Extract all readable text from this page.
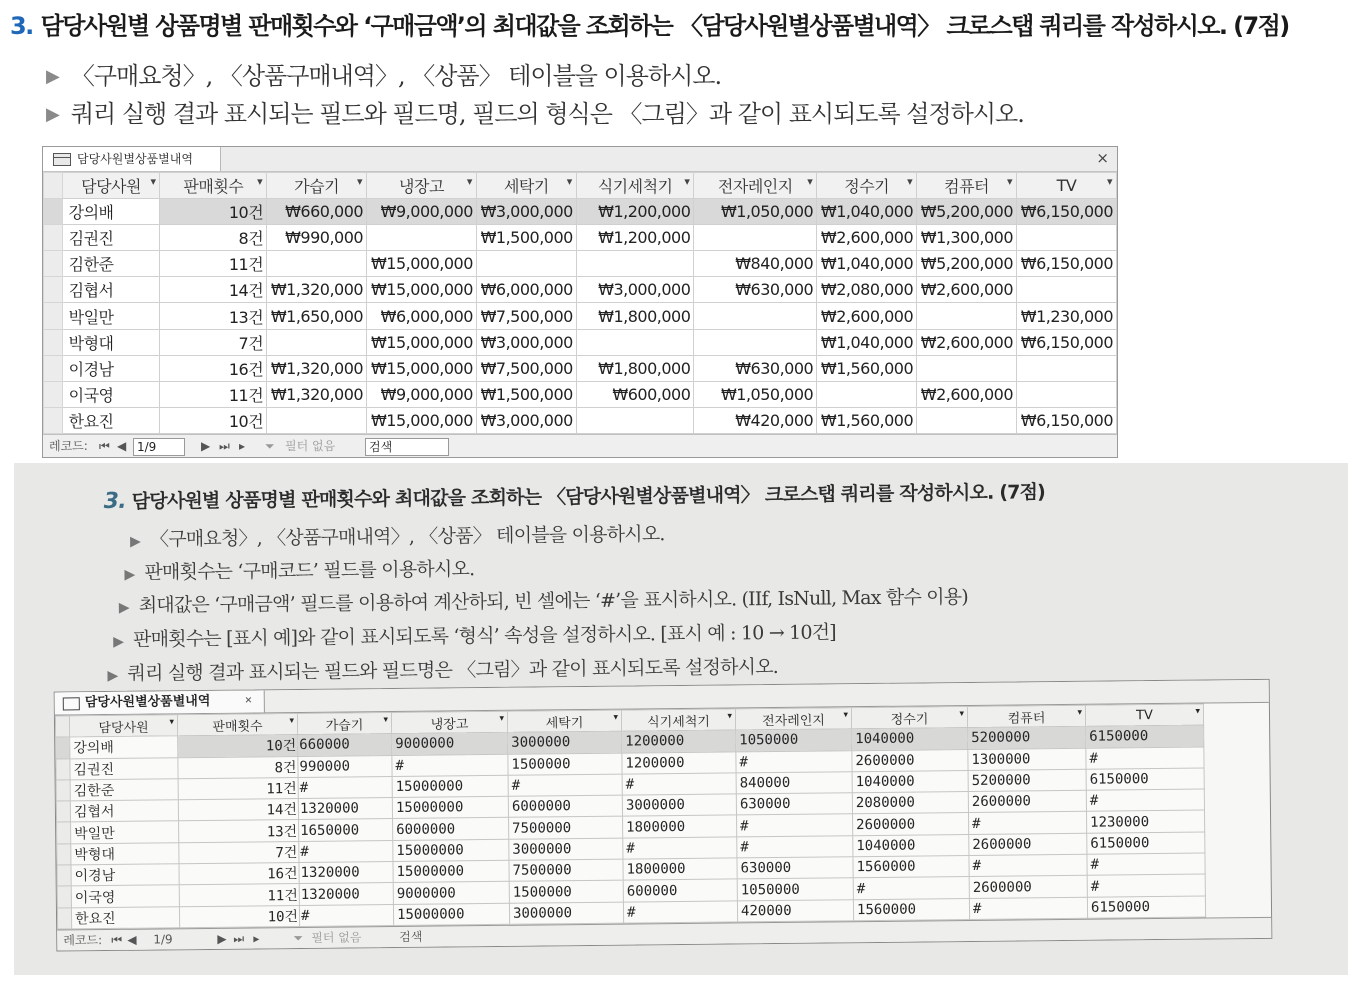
3. 담당사원별 상품명별 판매횟수와 ‘구매금액’의 최대값을 조회하는 〈담당사원별상품별내역〉 크로스탭 쿼리를 작성하시오. (7점)
▶ 〈구매요청〉, 〈상품구매내역〉, 〈상품〉 테이블을 이용하시오.
▶ 쿼리 실행 결과 표시되는 필드와 필드명, 필드의 형식은 〈그림〉과 같이 표시되도록 설정하시오.
담당사원별상품별내역	×
	담당사원 ▾	판매횟수 ▾	가습기 ▾	냉장고 ▾	세탁기 ▾	식기세척기 ▾	전자레인지 ▾	정수기 ▾	컴퓨터 ▾	TV ▾

	강의배	10건	₩660,000	₩9,000,000	₩3,000,000	₩1,200,000	₩1,050,000	₩1,040,000	₩5,200,000	₩6,150,000
	김권진	8건	₩990,000		₩1,500,000	₩1,200,000		₩2,600,000	₩1,300,000	
	김한준	11건		₩15,000,000			₩840,000	₩1,040,000	₩5,200,000	₩6,150,000
	김협서	14건	₩1,320,000	₩15,000,000	₩6,000,000	₩3,000,000	₩630,000	₩2,080,000	₩2,600,000	
	박일만	13건	₩1,650,000	₩6,000,000	₩7,500,000	₩1,800,000		₩2,600,000		₩1,230,000
	박형대	7건		₩15,000,000	₩3,000,000			₩1,040,000	₩2,600,000	₩6,150,000
	이경남	16건	₩1,320,000	₩15,000,000	₩7,500,000	₩1,800,000	₩630,000	₩1,560,000		
	이국영	11건	₩1,320,000	₩9,000,000	₩1,500,000	₩600,000	₩1,050,000		₩2,600,000	
	한요진	10건		₩15,000,000	₩3,000,000		₩420,000	₩1,560,000		₩6,150,000
레코드: ⏮ ◀ 1/9	▶ ⏭ ▸ ⏷ 필터 없음	검색
3. 담당사원별 상품명별 판매횟수와 최대값을 조회하는 〈담당사원별상품별내역〉 크로스탭 쿼리를 작성하시오. (7점)
▶ 〈구매요청〉, 〈상품구매내역〉, 〈상품〉 테이블을 이용하시오.
▶ 판매횟수는 ‘구매코드’ 필드를 이용하시오.
▶ 최대값은 ‘구매금액’ 필드를 이용하여 계산하되, 빈 셀에는 ‘#’을 표시하시오. (IIf, IsNull, Max 함수 이용)
▶ 판매횟수는 [표시 예]와 같이 표시되도록 ‘형식’ 속성을 설정하시오. [표시 예 : 10 → 10건]
▶ 쿼리 실행 결과 표시되는 필드와 필드명은 〈그림〉과 같이 표시되도록 설정하시오.
담당사원별상품별내역	×
	담당사원 ▾	판매횟수 ▾	가습기 ▾	냉장고 ▾	세탁기 ▾	식기세척기 ▾	전자레인지 ▾	정수기 ▾	컴퓨터 ▾	TV ▾

	강의배	10건	660000	9000000	3000000	1200000	1050000	1040000	5200000	6150000
	김권진	8건	990000	#	1500000	1200000	#	2600000	1300000	#
	김한준	11건	#	15000000	#	#	840000	1040000	5200000	6150000
	김협서	14건	1320000	15000000	6000000	3000000	630000	2080000	2600000	#
	박일만	13건	1650000	6000000	7500000	1800000	#	2600000	#	1230000
	박형대	7건	#	15000000	3000000	#	#	1040000	2600000	6150000
	이경남	16건	1320000	15000000	7500000	1800000	630000	1560000	#	#
	이국영	11건	1320000	9000000	1500000	600000	1050000	#	2600000	#
	한요진	10건	#	15000000	3000000	#	420000	1560000	#	6150000
레코드: ⏮ ◀ 1/9	▶ ⏭ ▸	⏷ 필터 없음	검색
